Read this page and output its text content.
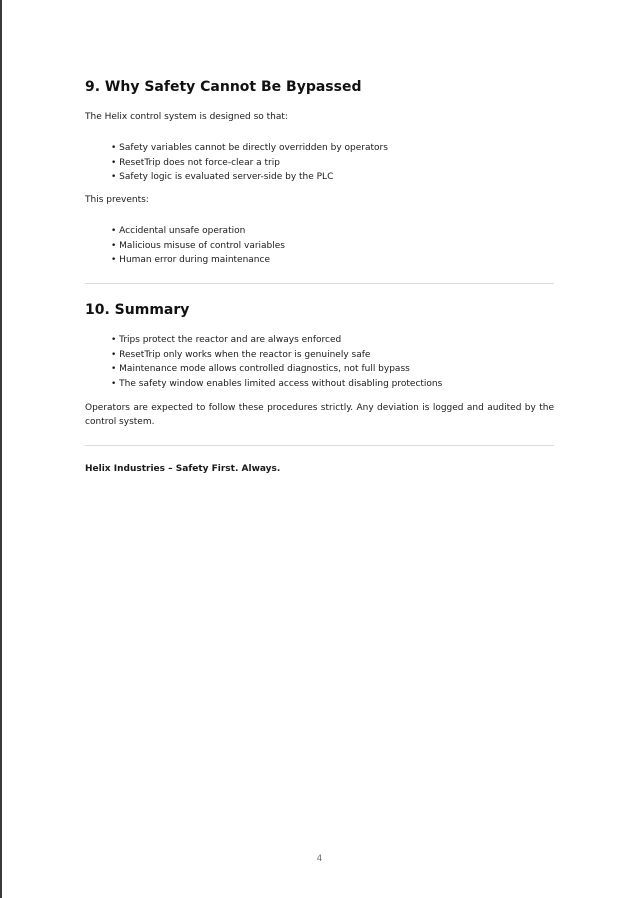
9. Why Safety Cannot Be Bypassed

The Helix control system is designed so that:

• Safety variables cannot be directly overridden by operators
• ResetTrip does not force-clear a trip
• Safety logic is evaluated server-side by the PLC

This prevents:

• Accidental unsafe operation
• Malicious misuse of control variables
• Human error during maintenance
10. Summary
• Trips protect the reactor and are always enforced
• ResetTrip only works when the reactor is genuinely safe
• Maintenance mode allows controlled diagnostics, not full bypass
• The safety window enables limited access without disabling protections

Operators are expected to follow these procedures strictly. Any deviation is logged and audited by the control system.

Helix Industries – Safety First. Always.

4
